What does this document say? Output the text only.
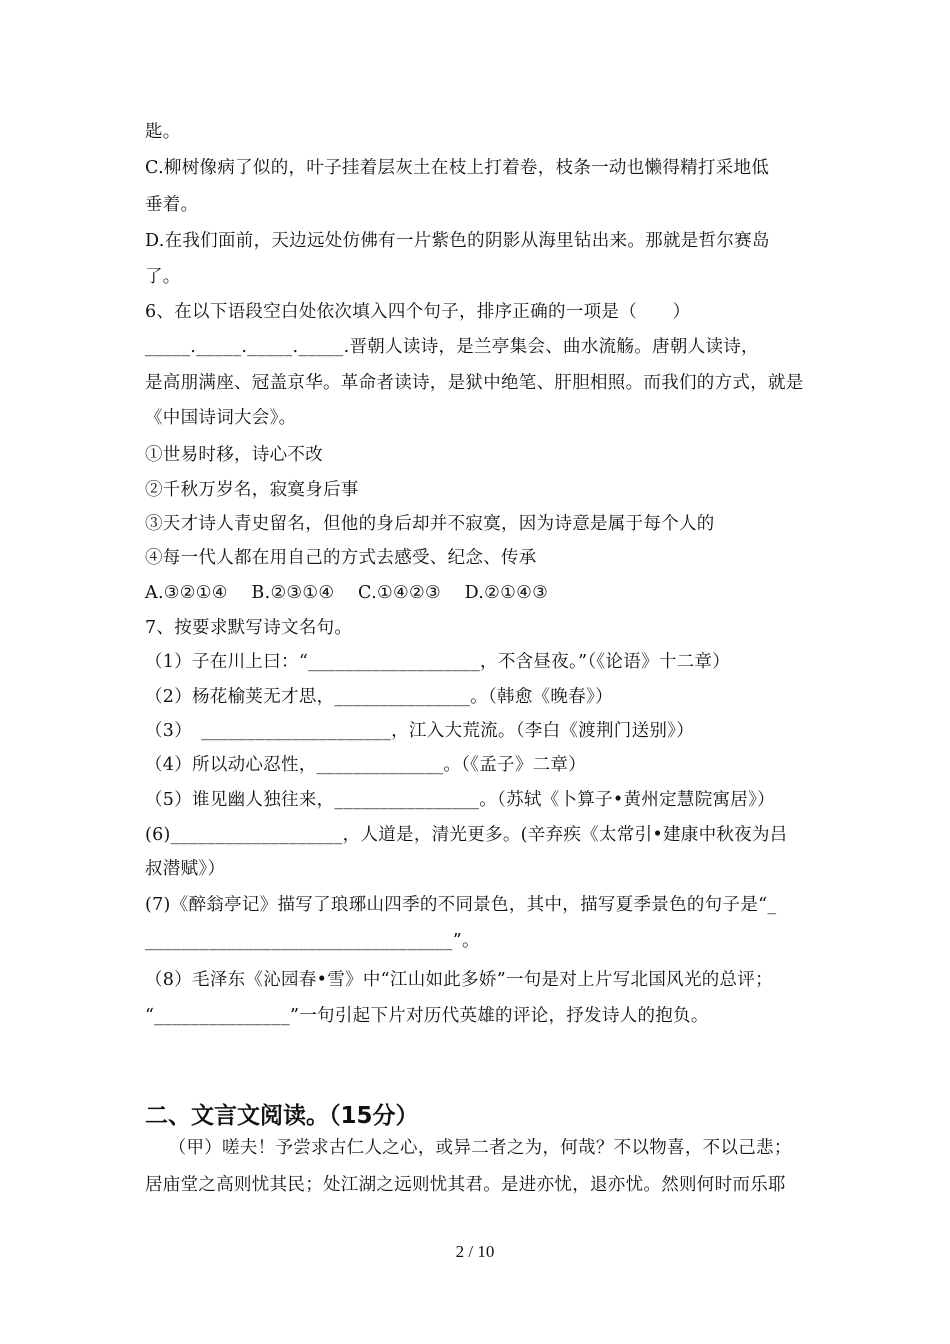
匙。
C.柳树像病了似的，叶子挂着层灰土在枝上打着卷，枝条一动也懒得精打采地低
垂着。
D.在我们面前，天边远处仿佛有一片紫色的阴影从海里钻出来。那就是哲尔赛岛
了。
6、在以下语段空白处依次填入四个句子，排序正确的一项是（　　）
_____._____._____._____.晋朝人读诗，是兰亭集会、曲水流觞。唐朝人读诗，
是高朋满座、冠盖京华。革命者读诗，是狱中绝笔、肝胆相照。而我们的方式，就是
《中国诗词大会》。
①世易时移，诗心不改
②千秋万岁名，寂寞身后事
③天才诗人青史留名，但他的身后却并不寂寞，因为诗意是属于每个人的
④每一代人都在用自己的方式去感受、纪念、传承
A.③②①④　 B.②③①④　 C.①④②③　 D.②①④③
7、按要求默写诗文名句。
（1）子在川上曰：“___________________，不含昼夜。”（《论语》十二章）
（2）杨花榆荚无才思，_______________。（韩愈《晚春》）
（3）　_____________________，江入大荒流。（李白《渡荆门送别》）
（4）所以动心忍性，______________。（《孟子》二章）
（5）谁见幽人独往来，________________。（苏轼《卜算子•黄州定慧院寓居》）
(6)___________________，人道是，清光更多。(辛弃疾《太常引•建康中秋夜为吕
叔潜赋》）
(7)《醉翁亭记》描写了琅琊山四季的不同景色，其中，描写夏季景色的句子是“_
__________________________________”。
（8）毛泽东《沁园春•雪》中“江山如此多娇”一句是对上片写北国风光的总评；
“_______________”一句引起下片对历代英雄的评论，抒发诗人的抱负。
　 （甲）嗟夫！予尝求古仁人之心，或异二者之为，何哉？不以物喜，不以己悲；
居庙堂之高则忧其民；处江湖之远则忧其君。是进亦忧，退亦忧。然则何时而乐耶
二、文言文阅读。（15分）
2 / 10
